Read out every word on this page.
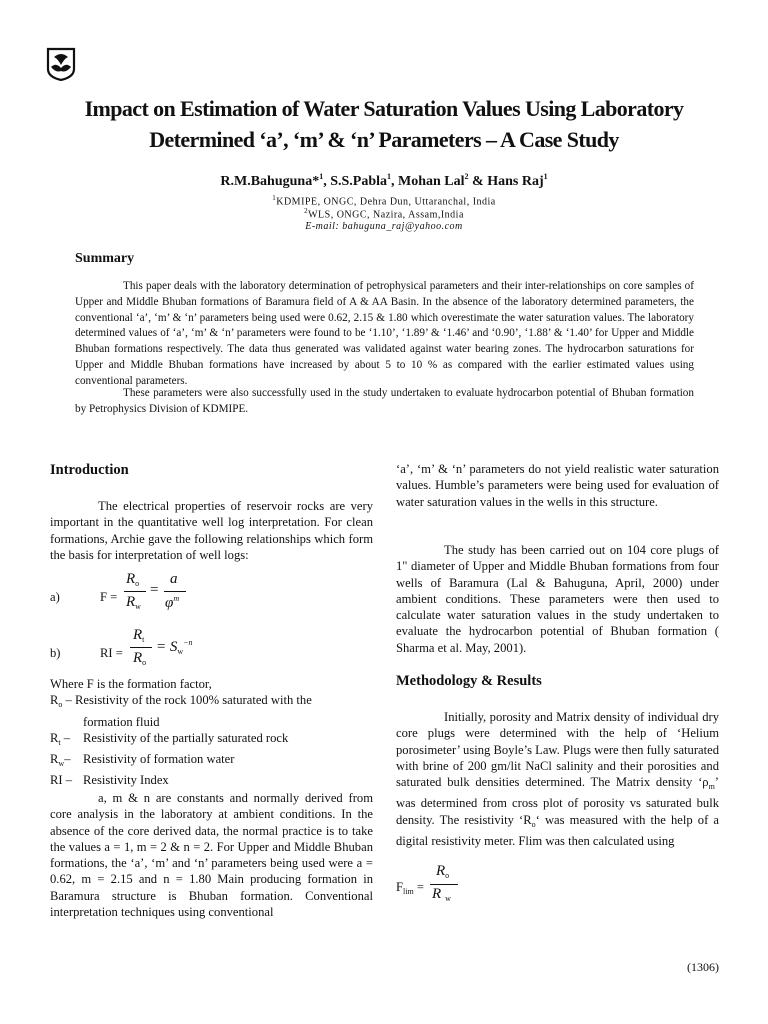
Impact on Estimation of Water Saturation Values Using Laboratory
Determined ‘a’, ‘m’ & ‘n’ Parameters – A Case Study
R.M.Bahuguna*$^1$, S.S.Pabla$^1$, Mohan Lal$^2$ & Hans Raj$^1$
$^1$KDMIPE, ONGC, Dehra Dun, Uttaranchal, India
$^2$WLS, ONGC, Nazira, Assam,India
E-mail: bahuguna_raj@yahoo.com
Summary
This paper deals with the laboratory determination of petrophysical parameters and their inter-relationships on core samples of Upper and Middle Bhuban formations of Baramura field of A & AA Basin. In the absence of the laboratory determined parameters, the conventional ‘a’, ‘m’ & ‘n’ parameters being used were 0.62, 2.15 & 1.80 which overestimate the water saturation values. The laboratory determined values of ‘a’, ‘m’ & ‘n’ parameters were found to be ‘1.10’, ‘1.89’ & ‘1.46’ and ‘0.90’, ‘1.88’ & ‘1.40’ for Upper and Middle Bhuban formations respectively. The data thus generated was validated against water bearing zones. The hydrocarbon saturations for Upper and Middle Bhuban formations have increased by about 5 to 10 % as compared with the earlier estimated values using conventional parameters.
These parameters were also successfully used in the study undertaken to evaluate hydrocarbon potential of Bhuban formation by Petrophysics Division of KDMIPE.
Introduction

The electrical properties of reservoir rocks are very important in the quantitative well log interpretation. For clean formations, Archie gave the following relationships which form the basis for interpretation of well logs:

a)	F =
$R_o$
$R_w$
=
a
$\varphi^m$
b)	RI =
$R_t$
$R_o$
= $S_w^{-n}$
Where F is the formation factor,
$R_o$ – Resistivity of the rock 100% saturated with the
formation fluid
$R_t$ –	Resistivity of the partially saturated rock
$R_w-$ Resistivity of formation water
RI – Resistivity Index

a, m & n are constants and normally derived from core analysis in the laboratory at ambient conditions. In the absence of the core derived data, the normal practice is to take the values a = 1, m = 2 & n = 2. For Upper and Middle Bhuban formations, the ‘a’, ‘m’ and ‘n’ parameters being used were a = 0.62, m = 2.15 and n = 1.80 Main producing formation in Baramura structure is Bhuban formation. Conventional interpretation techniques using conventional

‘a’, ‘m’ & ‘n’ parameters do not yield realistic water saturation values. Humble’s parameters were being used for evaluation of water saturation values in the wells in this structure.

The study has been carried out on 104 core plugs of 1" diameter of Upper and Middle Bhuban formations from four wells of Baramura (Lal & Bahuguna, April, 2000) under ambient conditions. These parameters were then used to calculate water saturation values in the study undertaken to evaluate the hydrocarbon potential of Bhuban formation ( Sharma et al. May, 2001).

Methodology & Results

Initially, porosity and Matrix density of individual dry core plugs were determined with the help of ‘Helium porosimeter’ using Boyle’s Law. Plugs were then fully saturated with brine of 200 gm/lit NaCl salinity and their porosities and saturated bulk densities determined. The Matrix density ‘$\rho_m$’ was determined from cross plot of porosity vs saturated bulk density. The resistivity ‘$R_o‘$ was measured with the help of a digital resistivity meter. Flim was then calculated using

$F_{lim}$ =
$R_o$
R $_w$
(1306)
